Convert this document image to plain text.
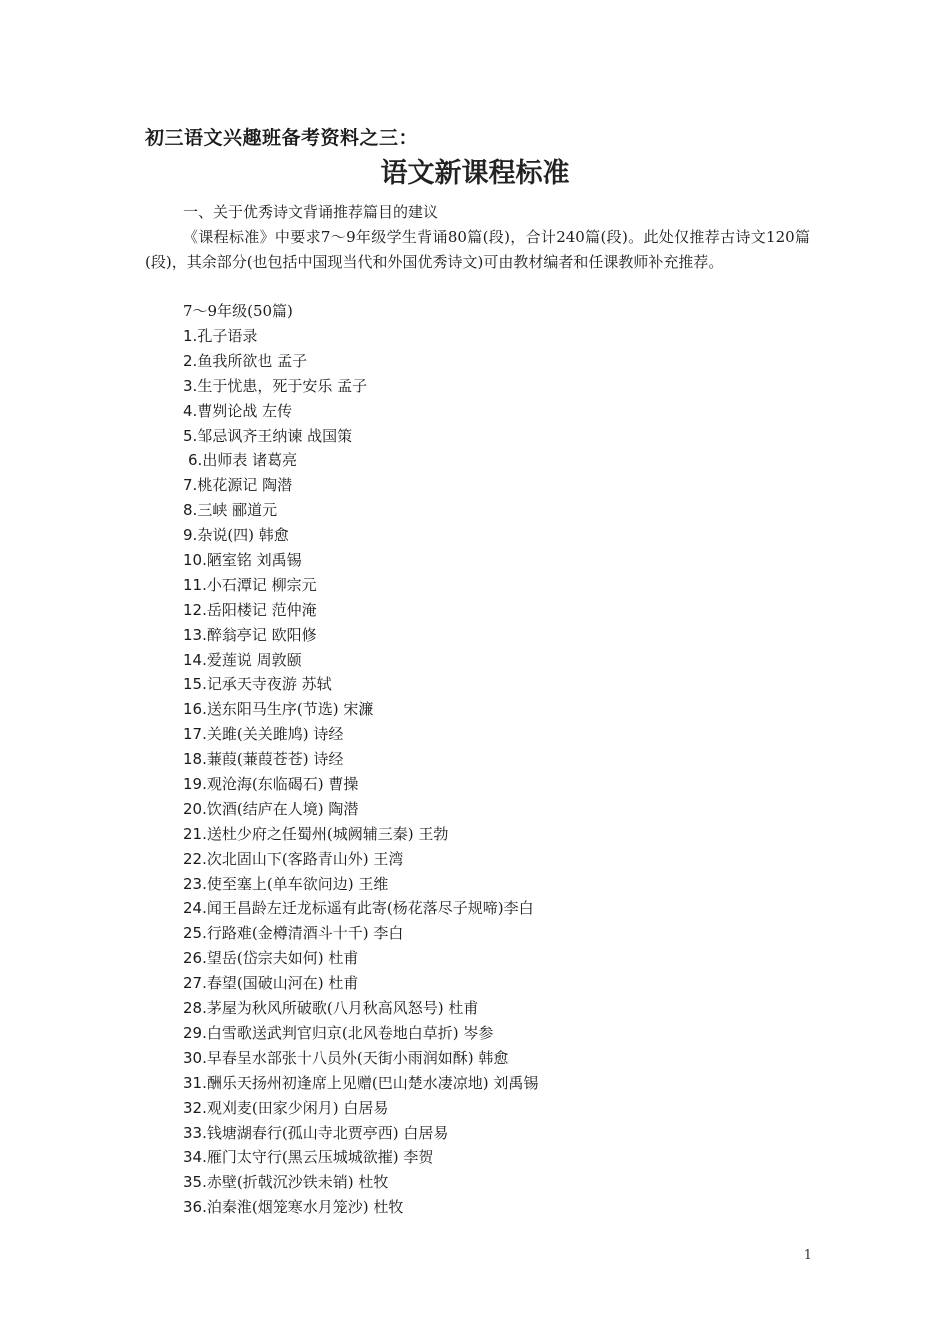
初三语文兴趣班备考资料之三：
语文新课程标准
一、关于优秀诗文背诵推荐篇目的建议
《课程标准》中要求7～9年级学生背诵80篇(段)，合计240篇(段)。此处仅推荐古诗文120篇(段)，其余部分(也包括中国现当代和外国优秀诗文)可由教材编者和任课教师补充推荐。
7～9年级(50篇)
1.孔子语录
2.鱼我所欲也 孟子
3.生于忧患，死于安乐 孟子
4.曹刿论战 左传
5.邹忌讽齐王纳谏 战国策
6.出师表 诸葛亮
7.桃花源记 陶潜
8.三峡 郦道元
9.杂说(四) 韩愈
10.陋室铭 刘禹锡
11.小石潭记 柳宗元
12.岳阳楼记 范仲淹
13.醉翁亭记 欧阳修
14.爱莲说 周敦颐
15.记承天寺夜游 苏轼
16.送东阳马生序(节选) 宋濂
17.关雎(关关雎鸠) 诗经
18.蒹葭(蒹葭苍苍) 诗经
19.观沧海(东临碣石) 曹操
20.饮酒(结庐在人境) 陶潜
21.送杜少府之任蜀州(城阙辅三秦) 王勃
22.次北固山下(客路青山外) 王湾
23.使至塞上(单车欲问边) 王维
24.闻王昌龄左迁龙标遥有此寄(杨花落尽子规啼)李白
25.行路难(金樽清酒斗十千) 李白
26.望岳(岱宗夫如何) 杜甫
27.春望(国破山河在) 杜甫
28.茅屋为秋风所破歌(八月秋高风怒号) 杜甫
29.白雪歌送武判官归京(北风卷地白草折) 岑参
30.早春呈水部张十八员外(天街小雨润如酥) 韩愈
31.酬乐天扬州初逢席上见赠(巴山楚水凄凉地) 刘禹锡
32.观刈麦(田家少闲月) 白居易
33.钱塘湖春行(孤山寺北贾亭西) 白居易
34.雁门太守行(黑云压城城欲摧) 李贺
35.赤壁(折戟沉沙铁未销) 杜牧
36.泊秦淮(烟笼寒水月笼沙) 杜牧
1
